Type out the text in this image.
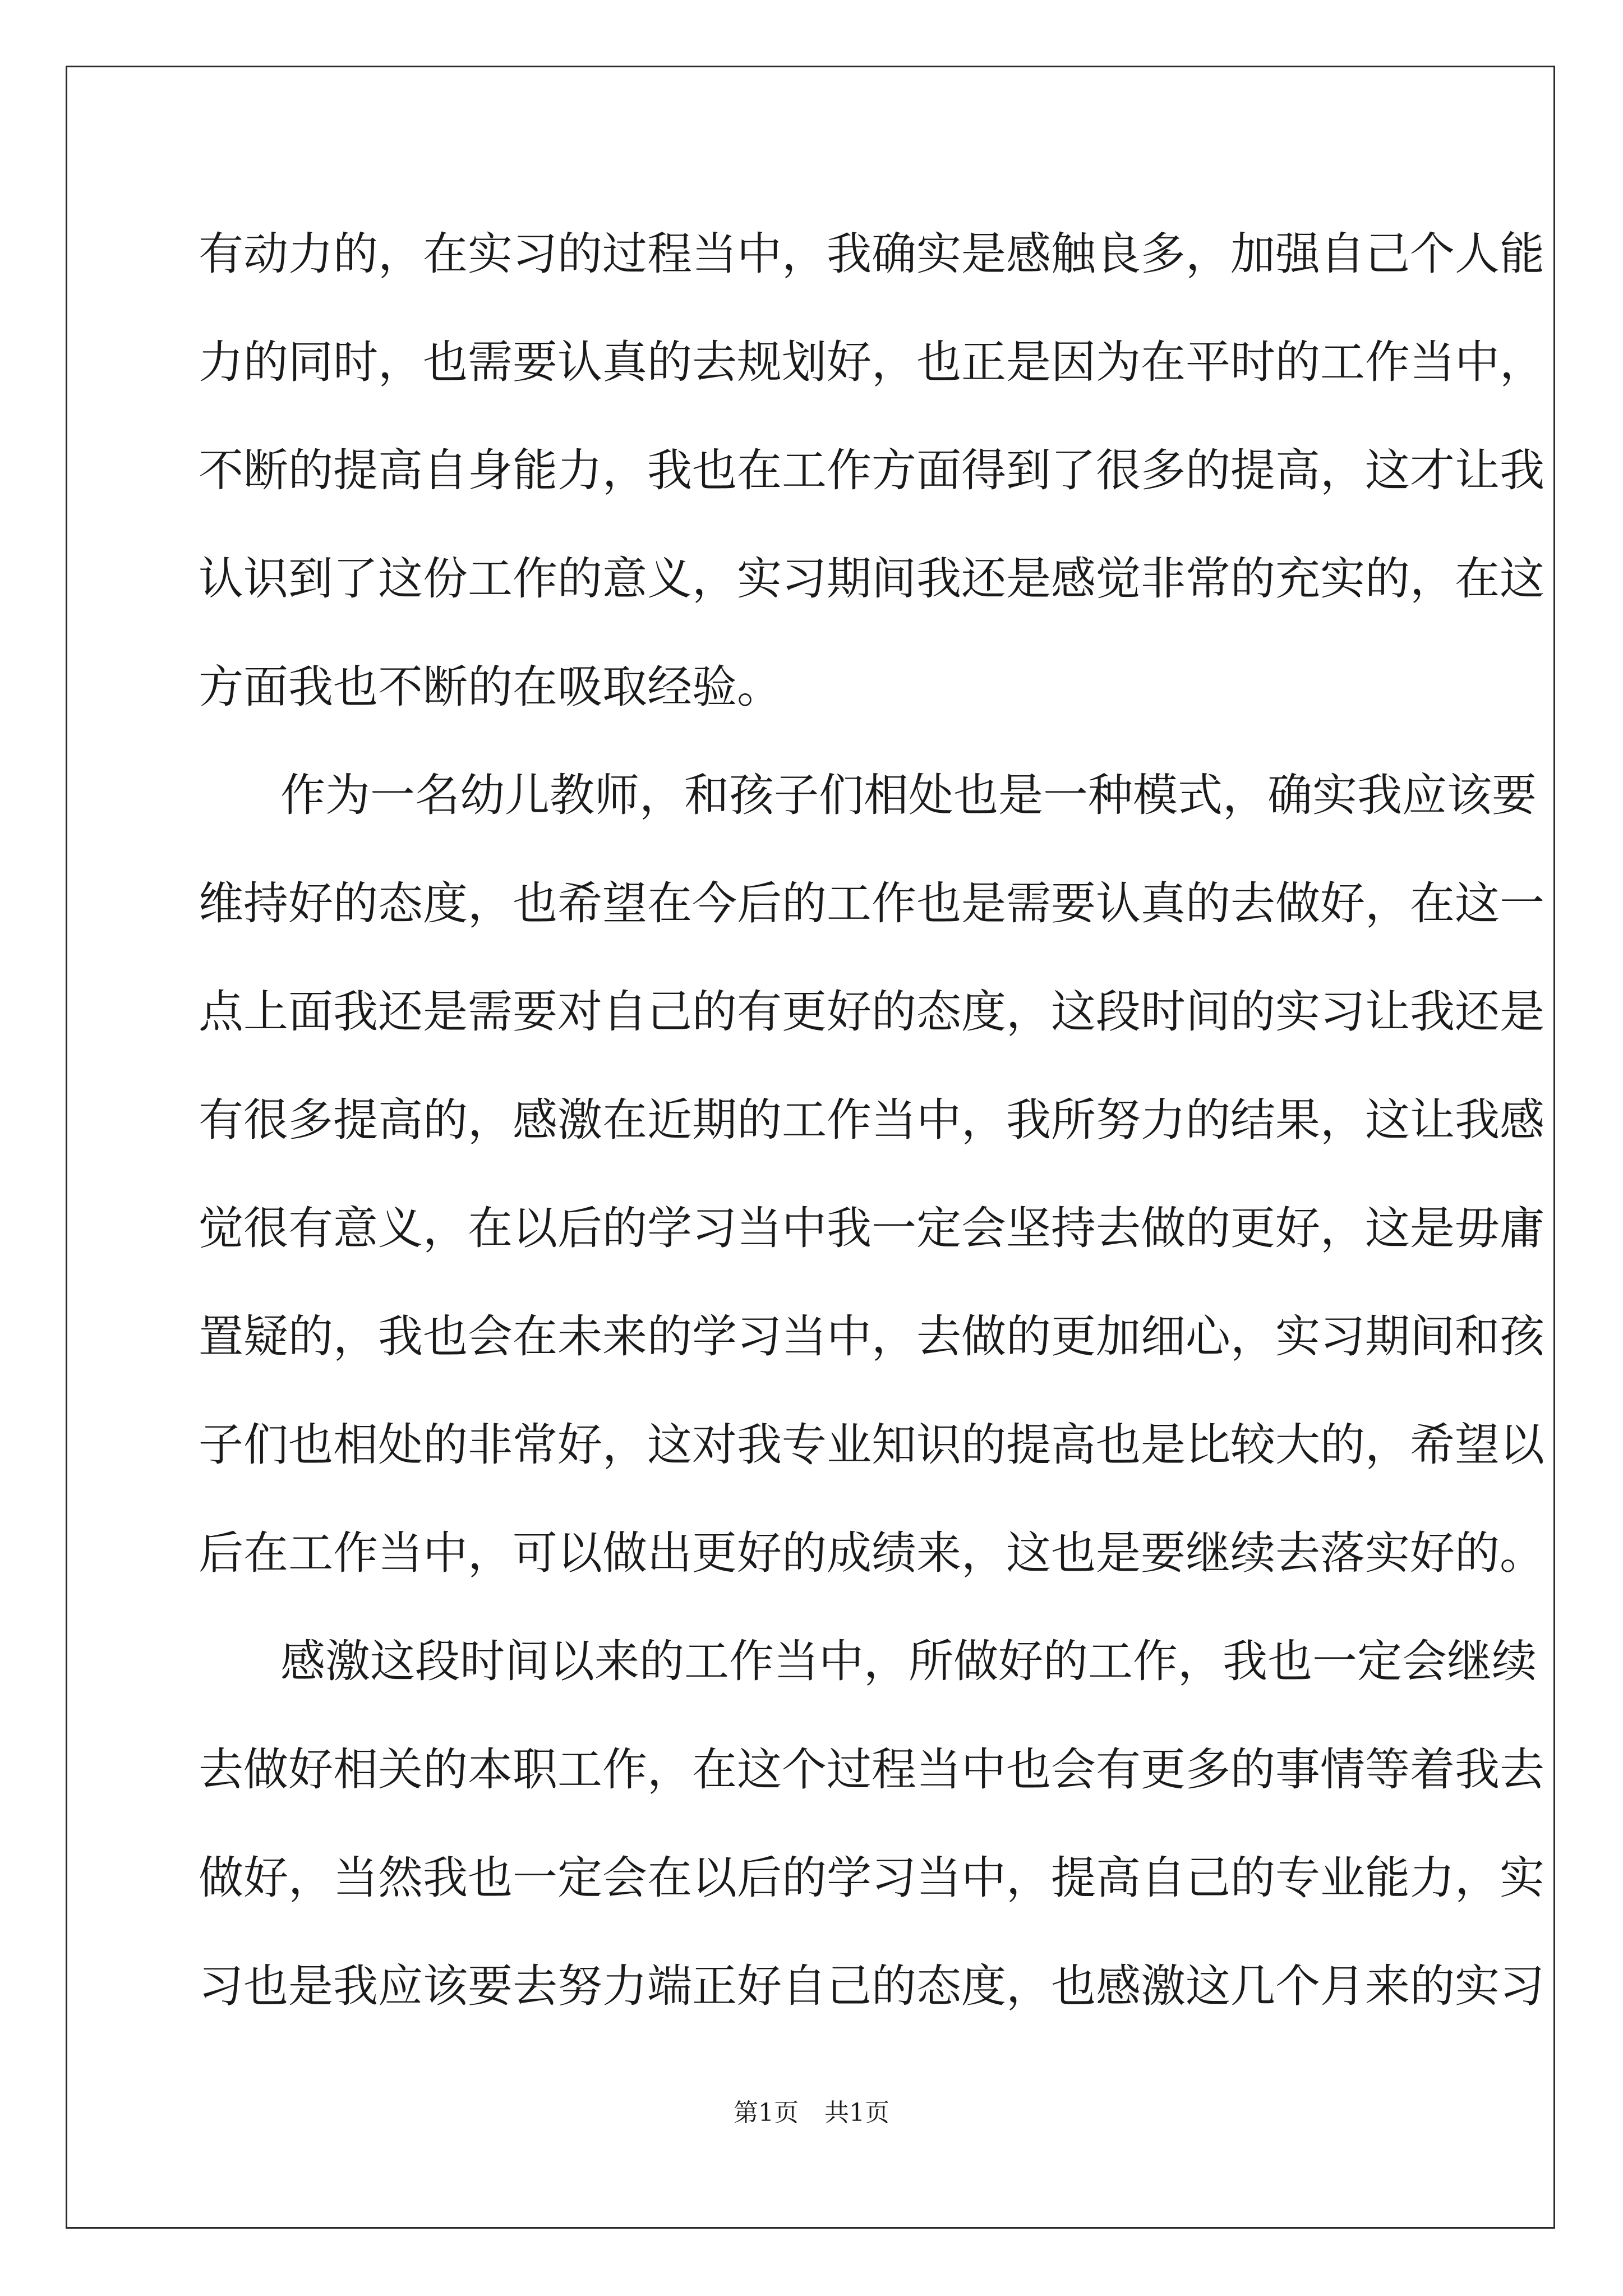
有动力的，在实习的过程当中，我确实是感触良多，加强自己个人能
力的同时，也需要认真的去规划好，也正是因为在平时的工作当中，
不断的提高自身能力，我也在工作方面得到了很多的提高，这才让我
认识到了这份工作的意义，实习期间我还是感觉非常的充实的，在这
方面我也不断的在吸取经验。
作为一名幼儿教师，和孩子们相处也是一种模式，确实我应该要
维持好的态度，也希望在今后的工作也是需要认真的去做好，在这一
点上面我还是需要对自己的有更好的态度，这段时间的实习让我还是
有很多提高的，感激在近期的工作当中，我所努力的结果，这让我感
觉很有意义，在以后的学习当中我一定会坚持去做的更好，这是毋庸
置疑的，我也会在未来的学习当中，去做的更加细心，实习期间和孩
子们也相处的非常好，这对我专业知识的提高也是比较大的，希望以
后在工作当中，可以做出更好的成绩来，这也是要继续去落实好的。
感激这段时间以来的工作当中，所做好的工作，我也一定会继续
去做好相关的本职工作，在这个过程当中也会有更多的事情等着我去
做好，当然我也一定会在以后的学习当中，提高自己的专业能力，实
习也是我应该要去努力端正好自己的态度，也感激这几个月来的实习
第1页 共1页
